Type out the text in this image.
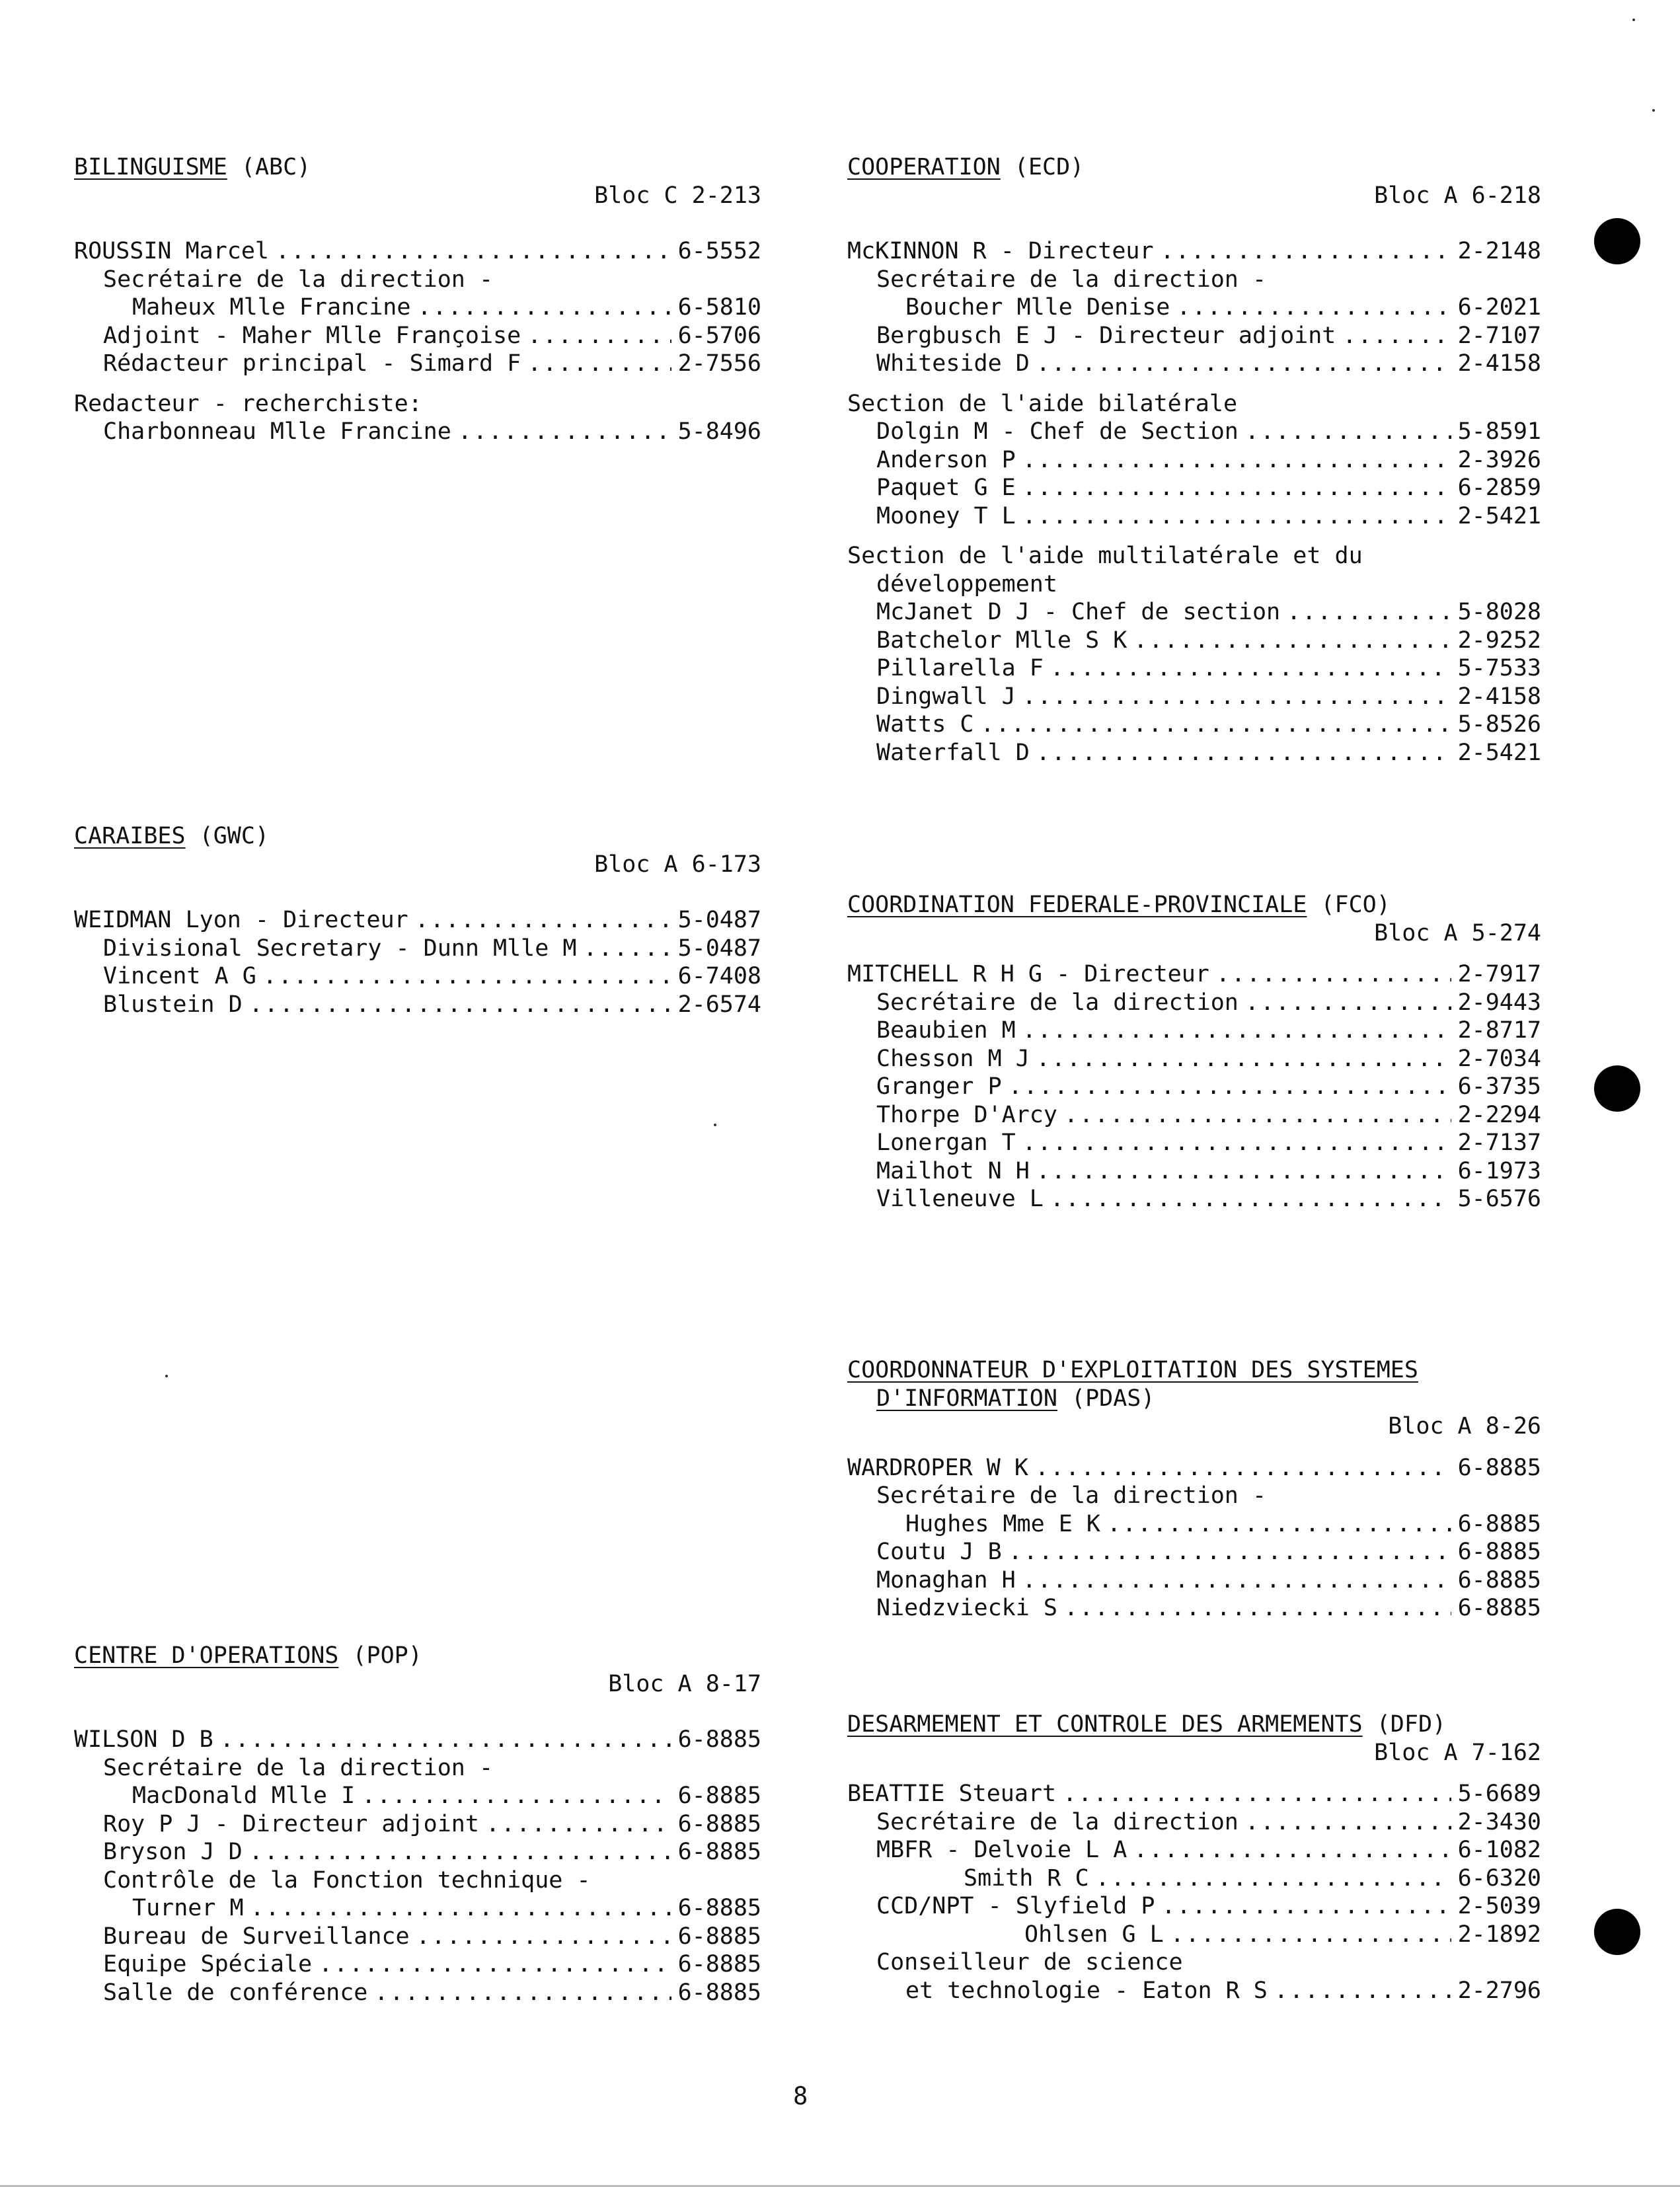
BILINGUISME (ABC)
Bloc C 2-213
ROUSSIN Marcel .....	6-5552
Secrétaire de la direction -
Maheux Mlle Francine .....	6-5810
Adjoint - Maher Mlle Françoise .....	6-5706
Rédacteur principal - Simard F .....	2-7556
Redacteur - recherchiste:
Charbonneau Mlle Francine .....	5-8496
CARAIBES (GWC)
Bloc A 6-173
WEIDMAN Lyon - Directeur .....	5-0487
Divisional Secretary - Dunn Mlle M .....	5-0487
Vincent A G .....	6-7408
Blustein D .....	2-6574
CENTRE D'OPERATIONS (POP)
Bloc A 8-17
WILSON D B .....	6-8885
Secrétaire de la direction -
MacDonald Mlle I .....	6-8885
Roy P J - Directeur adjoint .....	6-8885
Bryson J D .....	6-8885
Contrôle de la Fonction technique -
Turner M .....	6-8885
Bureau de Surveillance .....	6-8885
Equipe Spéciale .....	6-8885
Salle de conférence .....	6-8885
COOPERATION (ECD)
Bloc A 6-218
McKINNON R - Directeur .....	2-2148
Secrétaire de la direction -
Boucher Mlle Denise .....	6-2021
Bergbusch E J - Directeur adjoint .....	2-7107
Whiteside D .....	2-4158
Section de l'aide bilatérale
Dolgin M - Chef de Section .....	5-8591
Anderson P .....	2-3926
Paquet G E .....	6-2859
Mooney T L .....	2-5421
Section de l'aide multilatérale et du
développement
McJanet D J - Chef de section .....	5-8028
Batchelor Mlle S K .....	2-9252
Pillarella F .....	5-7533
Dingwall J .....	2-4158
Watts C .....	5-8526
Waterfall D .....	2-5421
COORDINATION FEDERALE-PROVINCIALE (FCO)
Bloc A 5-274
MITCHELL R H G - Directeur .....	2-7917
Secrétaire de la direction .....	2-9443
Beaubien M .....	2-8717
Chesson M J .....	2-7034
Granger P .....	6-3735
Thorpe D'Arcy .....	2-2294
Lonergan T .....	2-7137
Mailhot N H .....	6-1973
Villeneuve L .....	5-6576
COORDONNATEUR D'EXPLOITATION DES SYSTEMES
D'INFORMATION (PDAS)
Bloc A 8-26
WARDROPER W K .....	6-8885
Secrétaire de la direction -
Hughes Mme E K .....	6-8885
Coutu J B .....	6-8885
Monaghan H .....	6-8885
Niedzviecki S .....	6-8885
DESARMEMENT ET CONTROLE DES ARMEMENTS (DFD)
Bloc A 7-162
BEATTIE Steuart .....	5-6689
Secrétaire de la direction .....	2-3430
MBFR - Delvoie L A .....	6-1082
Smith R C .....	6-6320
CCD/NPT - Slyfield P .....	2-5039
Ohlsen G L .....	2-1892
Conseilleur de science
et technologie - Eaton R S .....	2-2796
8
